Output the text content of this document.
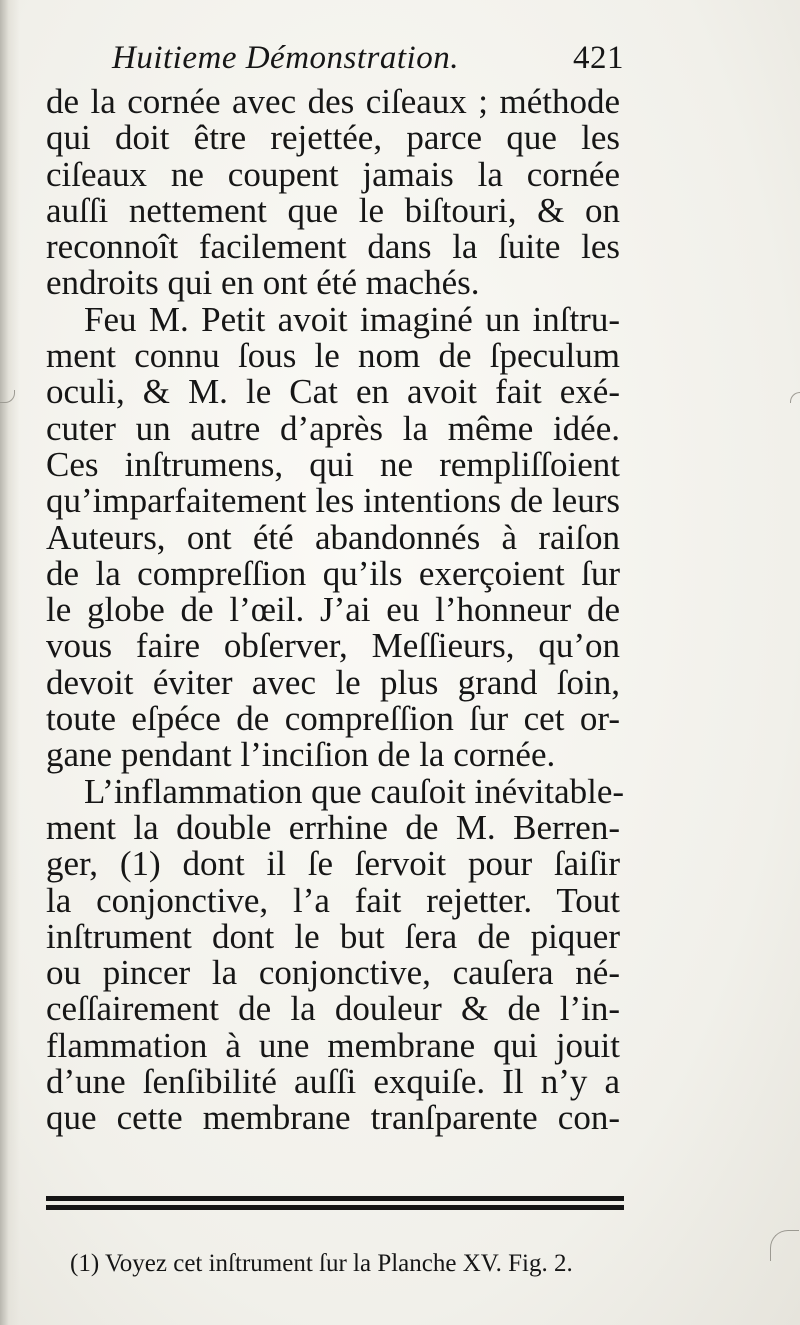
Huitieme Démonstration.	421
de la cornée avec des ciſeaux ; méthode
qui doit être rejettée, parce que les
ciſeaux ne coupent jamais la cornée
auſſi nettement que le biſtouri, & on
reconnoît facilement dans la ſuite les
endroits qui en ont été machés.
Feu M. Petit avoit imaginé un inſtru-
ment connu ſous le nom de ſpeculum
oculi, & M. le Cat en avoit fait exé-
cuter un autre d’après la même idée.
Ces inſtrumens, qui ne rempliſſoient
qu’imparfaitement les intentions de leurs
Auteurs, ont été abandonnés à raiſon
de la compreſſion qu’ils exerçoient ſur
le globe de l’œil. J’ai eu l’honneur de
vous faire obſerver, Meſſieurs, qu’on
devoit éviter avec le plus grand ſoin,
toute eſpéce de compreſſion ſur cet or-
gane pendant l’inciſion de la cornée.
L’inflammation que cauſoit inévitable-
ment la double errhine de M. Berren-
ger, (1) dont il ſe ſervoit pour ſaiſir
la conjonctive, l’a fait rejetter. Tout
inſtrument dont le but ſera de piquer
ou pincer la conjonctive, cauſera né-
ceſſairement de la douleur & de l’in-
flammation à une membrane qui jouit
d’une ſenſibilité auſſi exquiſe. Il n’y a
que cette membrane tranſparente con-
(1) Voyez cet inſtrument ſur la Planche XV. Fig. 2.
